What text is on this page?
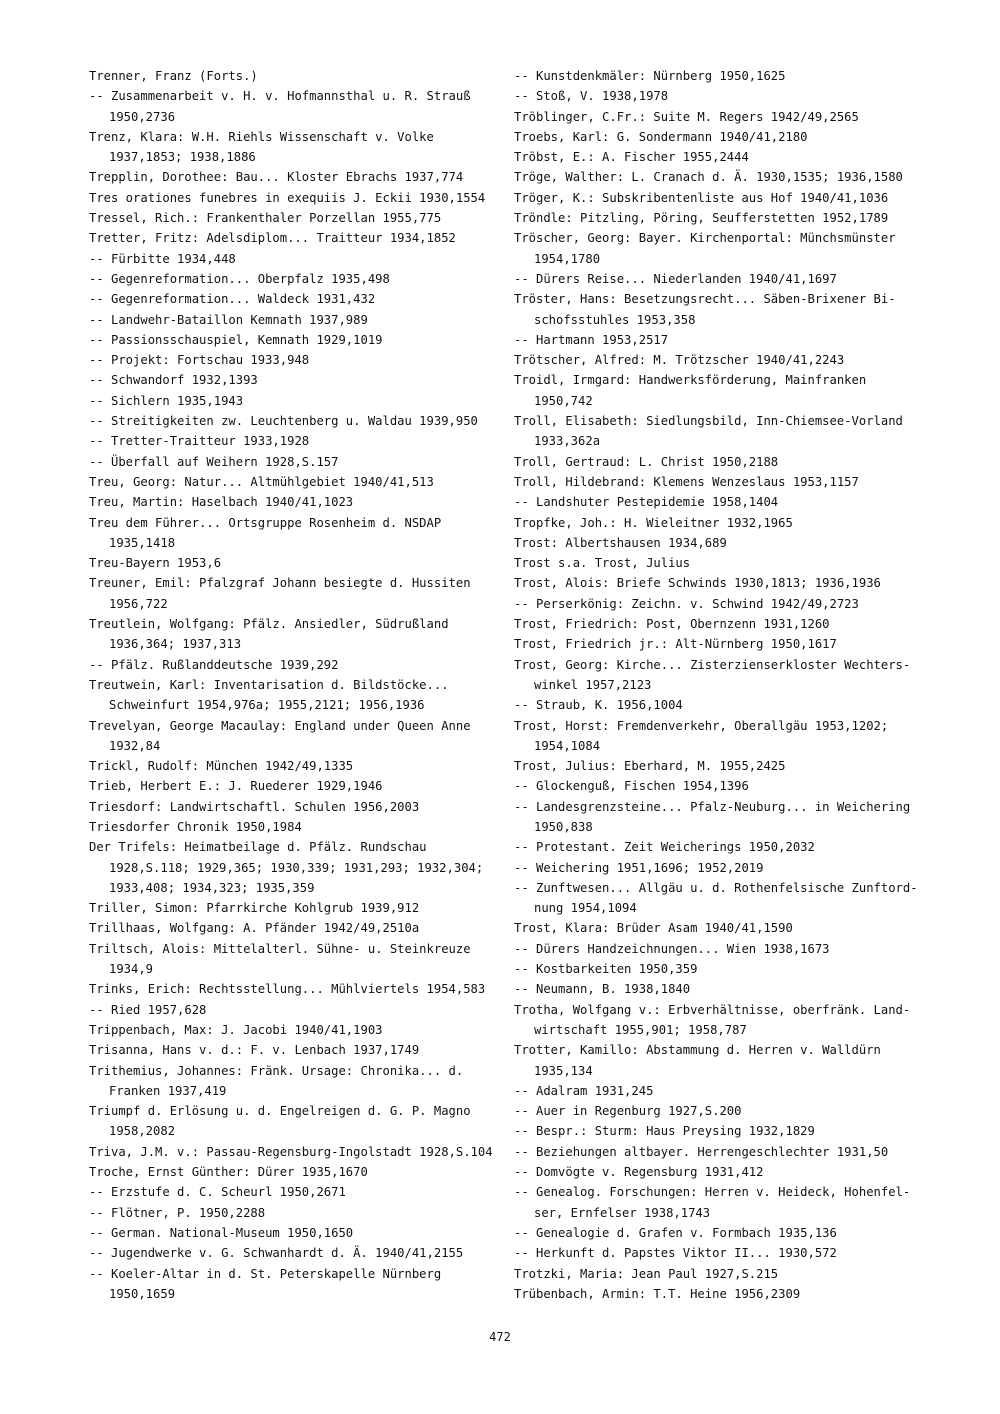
Trenner, Franz (Forts.)
-- Zusammenarbeit v. H. v. Hofmannsthal u. R. Strauß
1950,2736
Trenz, Klara: W.H. Riehls Wissenschaft v. Volke
1937,1853; 1938,1886
Trepplin, Dorothee: Bau... Kloster Ebrachs 1937,774
Tres orationes funebres in exequiis J. Eckii 1930,1554
Tressel, Rich.: Frankenthaler Porzellan 1955,775
Tretter, Fritz: Adelsdiplom... Traitteur 1934,1852
-- Fürbitte 1934,448
-- Gegenreformation... Oberpfalz 1935,498
-- Gegenreformation... Waldeck 1931,432
-- Landwehr-Bataillon Kemnath 1937,989
-- Passionsschauspiel, Kemnath 1929,1019
-- Projekt: Fortschau 1933,948
-- Schwandorf 1932,1393
-- Sichlern 1935,1943
-- Streitigkeiten zw. Leuchtenberg u. Waldau 1939,950
-- Tretter-Traitteur 1933,1928
-- Überfall auf Weihern 1928,S.157
Treu, Georg: Natur... Altmühlgebiet 1940/41,513
Treu, Martin: Haselbach 1940/41,1023
Treu dem Führer... Ortsgruppe Rosenheim d. NSDAP
1935,1418
Treu-Bayern 1953,6
Treuner, Emil: Pfalzgraf Johann besiegte d. Hussiten
1956,722
Treutlein, Wolfgang: Pfälz. Ansiedler, Südrußland
1936,364; 1937,313
-- Pfälz. Rußlanddeutsche 1939,292
Treutwein, Karl: Inventarisation d. Bildstöcke...
Schweinfurt 1954,976a; 1955,2121; 1956,1936
Trevelyan, George Macaulay: England under Queen Anne
1932,84
Trickl, Rudolf: München 1942/49,1335
Trieb, Herbert E.: J. Ruederer 1929,1946
Triesdorf: Landwirtschaftl. Schulen 1956,2003
Triesdorfer Chronik 1950,1984
Der Trifels: Heimatbeilage d. Pfälz. Rundschau
1928,S.118; 1929,365; 1930,339; 1931,293; 1932,304;
1933,408; 1934,323; 1935,359
Triller, Simon: Pfarrkirche Kohlgrub 1939,912
Trillhaas, Wolfgang: A. Pfänder 1942/49,2510a
Triltsch, Alois: Mittelalterl. Sühne- u. Steinkreuze
1934,9
Trinks, Erich: Rechtsstellung... Mühlviertels 1954,583
-- Ried 1957,628
Trippenbach, Max: J. Jacobi 1940/41,1903
Trisanna, Hans v. d.: F. v. Lenbach 1937,1749
Trithemius, Johannes: Fränk. Ursage: Chronika... d.
Franken 1937,419
Triumpf d. Erlösung u. d. Engelreigen d. G. P. Magno
1958,2082
Triva, J.M. v.: Passau-Regensburg-Ingolstadt 1928,S.104
Troche, Ernst Günther: Dürer 1935,1670
-- Erzstufe d. C. Scheurl 1950,2671
-- Flötner, P. 1950,2288
-- German. National-Museum 1950,1650
-- Jugendwerke v. G. Schwanhardt d. Ä. 1940/41,2155
-- Koeler-Altar in d. St. Peterskapelle Nürnberg
1950,1659
-- Kunstdenkmäler: Nürnberg 1950,1625
-- Stoß, V. 1938,1978
Tröblinger, C.Fr.: Suite M. Regers 1942/49,2565
Troebs, Karl: G. Sondermann 1940/41,2180
Tröbst, E.: A. Fischer 1955,2444
Tröge, Walther: L. Cranach d. Ä. 1930,1535; 1936,1580
Tröger, K.: Subskribentenliste aus Hof 1940/41,1036
Tröndle: Pitzling, Pöring, Seufferstetten 1952,1789
Tröscher, Georg: Bayer. Kirchenportal: Münchsmünster
1954,1780
-- Dürers Reise... Niederlanden 1940/41,1697
Tröster, Hans: Besetzungsrecht... Säben-Brixener Bi-
schofsstuhles 1953,358
-- Hartmann 1953,2517
Trötscher, Alfred: M. Trötzscher 1940/41,2243
Troidl, Irmgard: Handwerksförderung, Mainfranken
1950,742
Troll, Elisabeth: Siedlungsbild, Inn-Chiemsee-Vorland
1933,362a
Troll, Gertraud: L. Christ 1950,2188
Troll, Hildebrand: Klemens Wenzeslaus 1953,1157
-- Landshuter Pestepidemie 1958,1404
Tropfke, Joh.: H. Wieleitner 1932,1965
Trost: Albertshausen 1934,689
Trost s.a. Trost, Julius
Trost, Alois: Briefe Schwinds 1930,1813; 1936,1936
-- Perserkönig: Zeichn. v. Schwind 1942/49,2723
Trost, Friedrich: Post, Obernzenn 1931,1260
Trost, Friedrich jr.: Alt-Nürnberg 1950,1617
Trost, Georg: Kirche... Zisterzienserkloster Wechters-
winkel 1957,2123
-- Straub, K. 1956,1004
Trost, Horst: Fremdenverkehr, Oberallgäu 1953,1202;
1954,1084
Trost, Julius: Eberhard, M. 1955,2425
-- Glockenguß, Fischen 1954,1396
-- Landesgrenzsteine... Pfalz-Neuburg... in Weichering
1950,838
-- Protestant. Zeit Weicherings 1950,2032
-- Weichering 1951,1696; 1952,2019
-- Zunftwesen... Allgäu u. d. Rothenfelsische Zunftord-
nung 1954,1094
Trost, Klara: Brüder Asam 1940/41,1590
-- Dürers Handzeichnungen... Wien 1938,1673
-- Kostbarkeiten 1950,359
-- Neumann, B. 1938,1840
Trotha, Wolfgang v.: Erbverhältnisse, oberfränk. Land-
wirtschaft 1955,901; 1958,787
Trotter, Kamillo: Abstammung d. Herren v. Walldürn
1935,134
-- Adalram 1931,245
-- Auer in Regenburg 1927,S.200
-- Bespr.: Sturm: Haus Preysing 1932,1829
-- Beziehungen altbayer. Herrengeschlechter 1931,50
-- Domvögte v. Regensburg 1931,412
-- Genealog. Forschungen: Herren v. Heideck, Hohenfel-
ser, Ernfelser 1938,1743
-- Genealogie d. Grafen v. Formbach 1935,136
-- Herkunft d. Papstes Viktor II... 1930,572
Trotzki, Maria: Jean Paul 1927,S.215
Trübenbach, Armin: T.T. Heine 1956,2309
472
